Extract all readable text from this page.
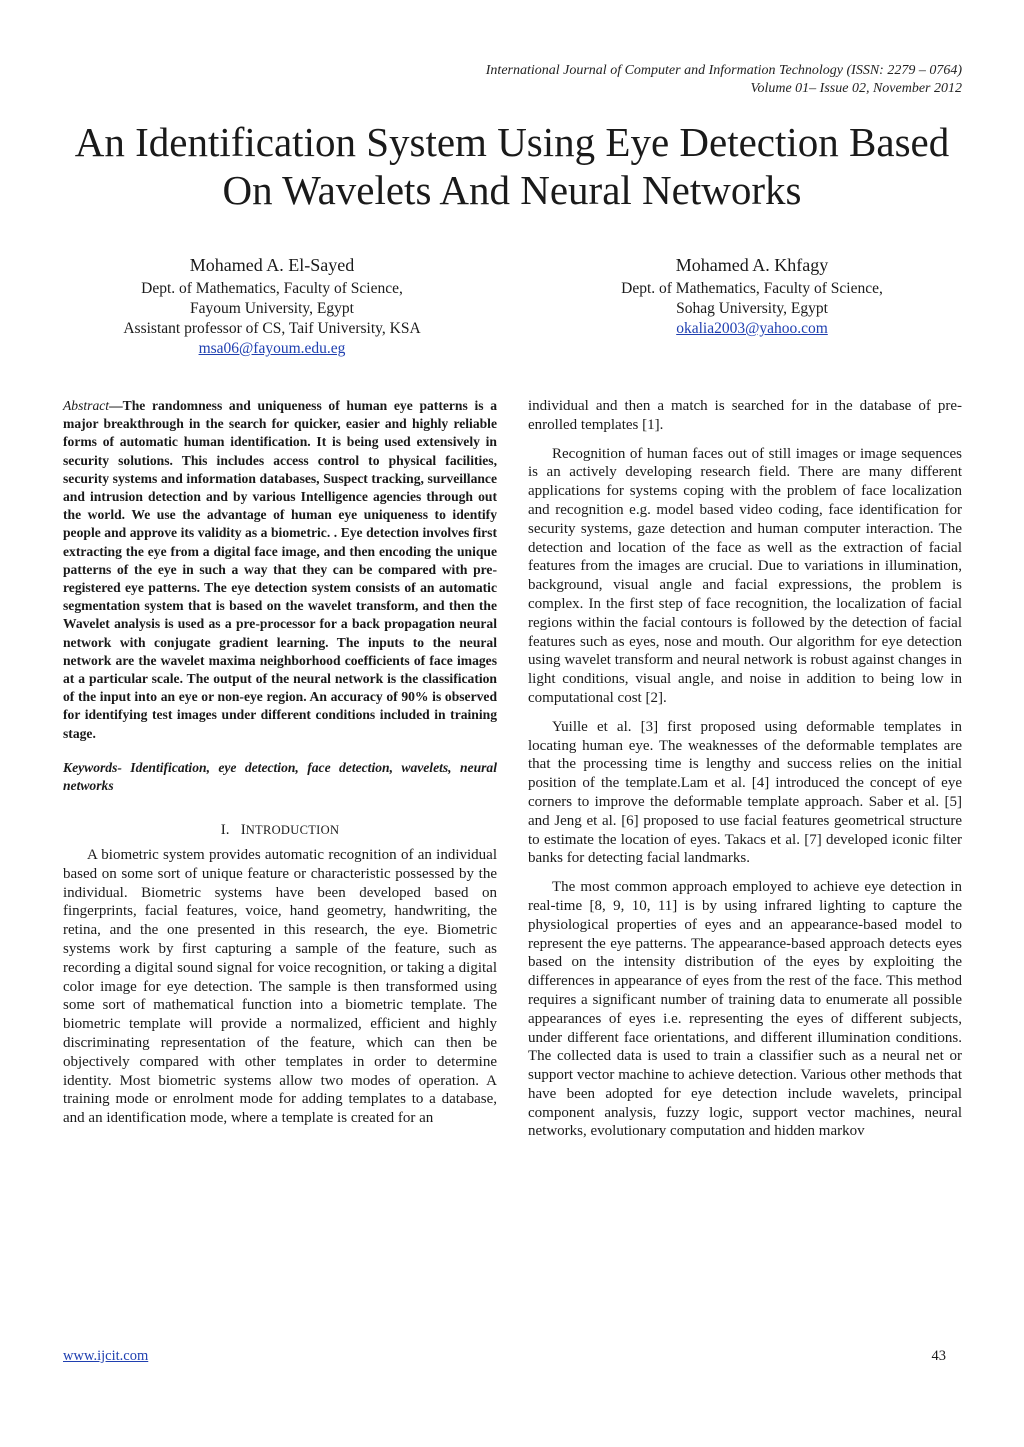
International Journal of Computer and Information Technology (ISSN: 2279 – 0764)
Volume 01– Issue 02, November 2012
An Identification System Using Eye Detection Based
On Wavelets And Neural Networks
Mohamed A. El-Sayed
Dept. of Mathematics, Faculty of Science,
Fayoum University, Egypt
Assistant professor of CS, Taif University, KSA
msa06@fayoum.edu.eg
Mohamed A. Khfagy
Dept. of Mathematics, Faculty of Science,
Sohag University, Egypt
okalia2003@yahoo.com

Abstract—The randomness and uniqueness of human eye patterns is a major breakthrough in the search for quicker, easier and highly reliable forms of automatic human identification. It is being used extensively in security solutions. This includes access control to physical facilities, security systems and information databases, Suspect tracking, surveillance and intrusion detection and by various Intelligence agencies through out the world. We use the advantage of human eye uniqueness to identify people and approve its validity as a biometric. . Eye detection involves first extracting the eye from a digital face image, and then encoding the unique patterns of the eye in such a way that they can be compared with pre-registered eye patterns. The eye detection system consists of an automatic segmentation system that is based on the wavelet transform, and then the Wavelet analysis is used as a pre-processor for a back propagation neural network with conjugate gradient learning. The inputs to the neural network are the wavelet maxima neighborhood coefficients of face images at a particular scale. The output of the neural network is the classification of the input into an eye or non-eye region. An accuracy of 90% is observed for identifying test images under different conditions included in training stage.

Keywords- Identification, eye detection, face detection, wavelets, neural networks

I. INTRODUCTION

A biometric system provides automatic recognition of an individual based on some sort of unique feature or characteristic possessed by the individual. Biometric systems have been developed based on fingerprints, facial features, voice, hand geometry, handwriting, the retina, and the one presented in this research, the eye. Biometric systems work by first capturing a sample of the feature, such as recording a digital sound signal for voice recognition, or taking a digital color image for eye detection. The sample is then transformed using some sort of mathematical function into a biometric template. The biometric template will provide a normalized, efficient and highly discriminating representation of the feature, which can then be objectively compared with other templates in order to determine identity. Most biometric systems allow two modes of operation. A training mode or enrolment mode for adding templates to a database, and an identification mode, where a template is created for an

individual and then a match is searched for in the database of pre-enrolled templates [1].

Recognition of human faces out of still images or image sequences is an actively developing research field. There are many different applications for systems coping with the problem of face localization and recognition e.g. model based video coding, face identification for security systems, gaze detection and human computer interaction. The detection and location of the face as well as the extraction of facial features from the images are crucial. Due to variations in illumination, background, visual angle and facial expressions, the problem is complex. In the first step of face recognition, the localization of facial regions within the facial contours is followed by the detection of facial features such as eyes, nose and mouth. Our algorithm for eye detection using wavelet transform and neural network is robust against changes in light conditions, visual angle, and noise in addition to being low in computational cost [2].

Yuille et al. [3] first proposed using deformable templates in locating human eye. The weaknesses of the deformable templates are that the processing time is lengthy and success relies on the initial position of the template.Lam et al. [4] introduced the concept of eye corners to improve the deformable template approach. Saber et al. [5] and Jeng et al. [6] proposed to use facial features geometrical structure to estimate the location of eyes. Takacs et al. [7] developed iconic filter banks for detecting facial landmarks.

The most common approach employed to achieve eye detection in real-time [8, 9, 10, 11] is by using infrared lighting to capture the physiological properties of eyes and an appearance-based model to represent the eye patterns. The appearance-based approach detects eyes based on the intensity distribution of the eyes by exploiting the differences in appearance of eyes from the rest of the face. This method requires a significant number of training data to enumerate all possible appearances of eyes i.e. representing the eyes of different subjects, under different face orientations, and different illumination conditions. The collected data is used to train a classifier such as a neural net or support vector machine to achieve detection. Various other methods that have been adopted for eye detection include wavelets, principal component analysis, fuzzy logic, support vector machines, neural networks, evolutionary computation and hidden markov

www.ijcit.com	43
